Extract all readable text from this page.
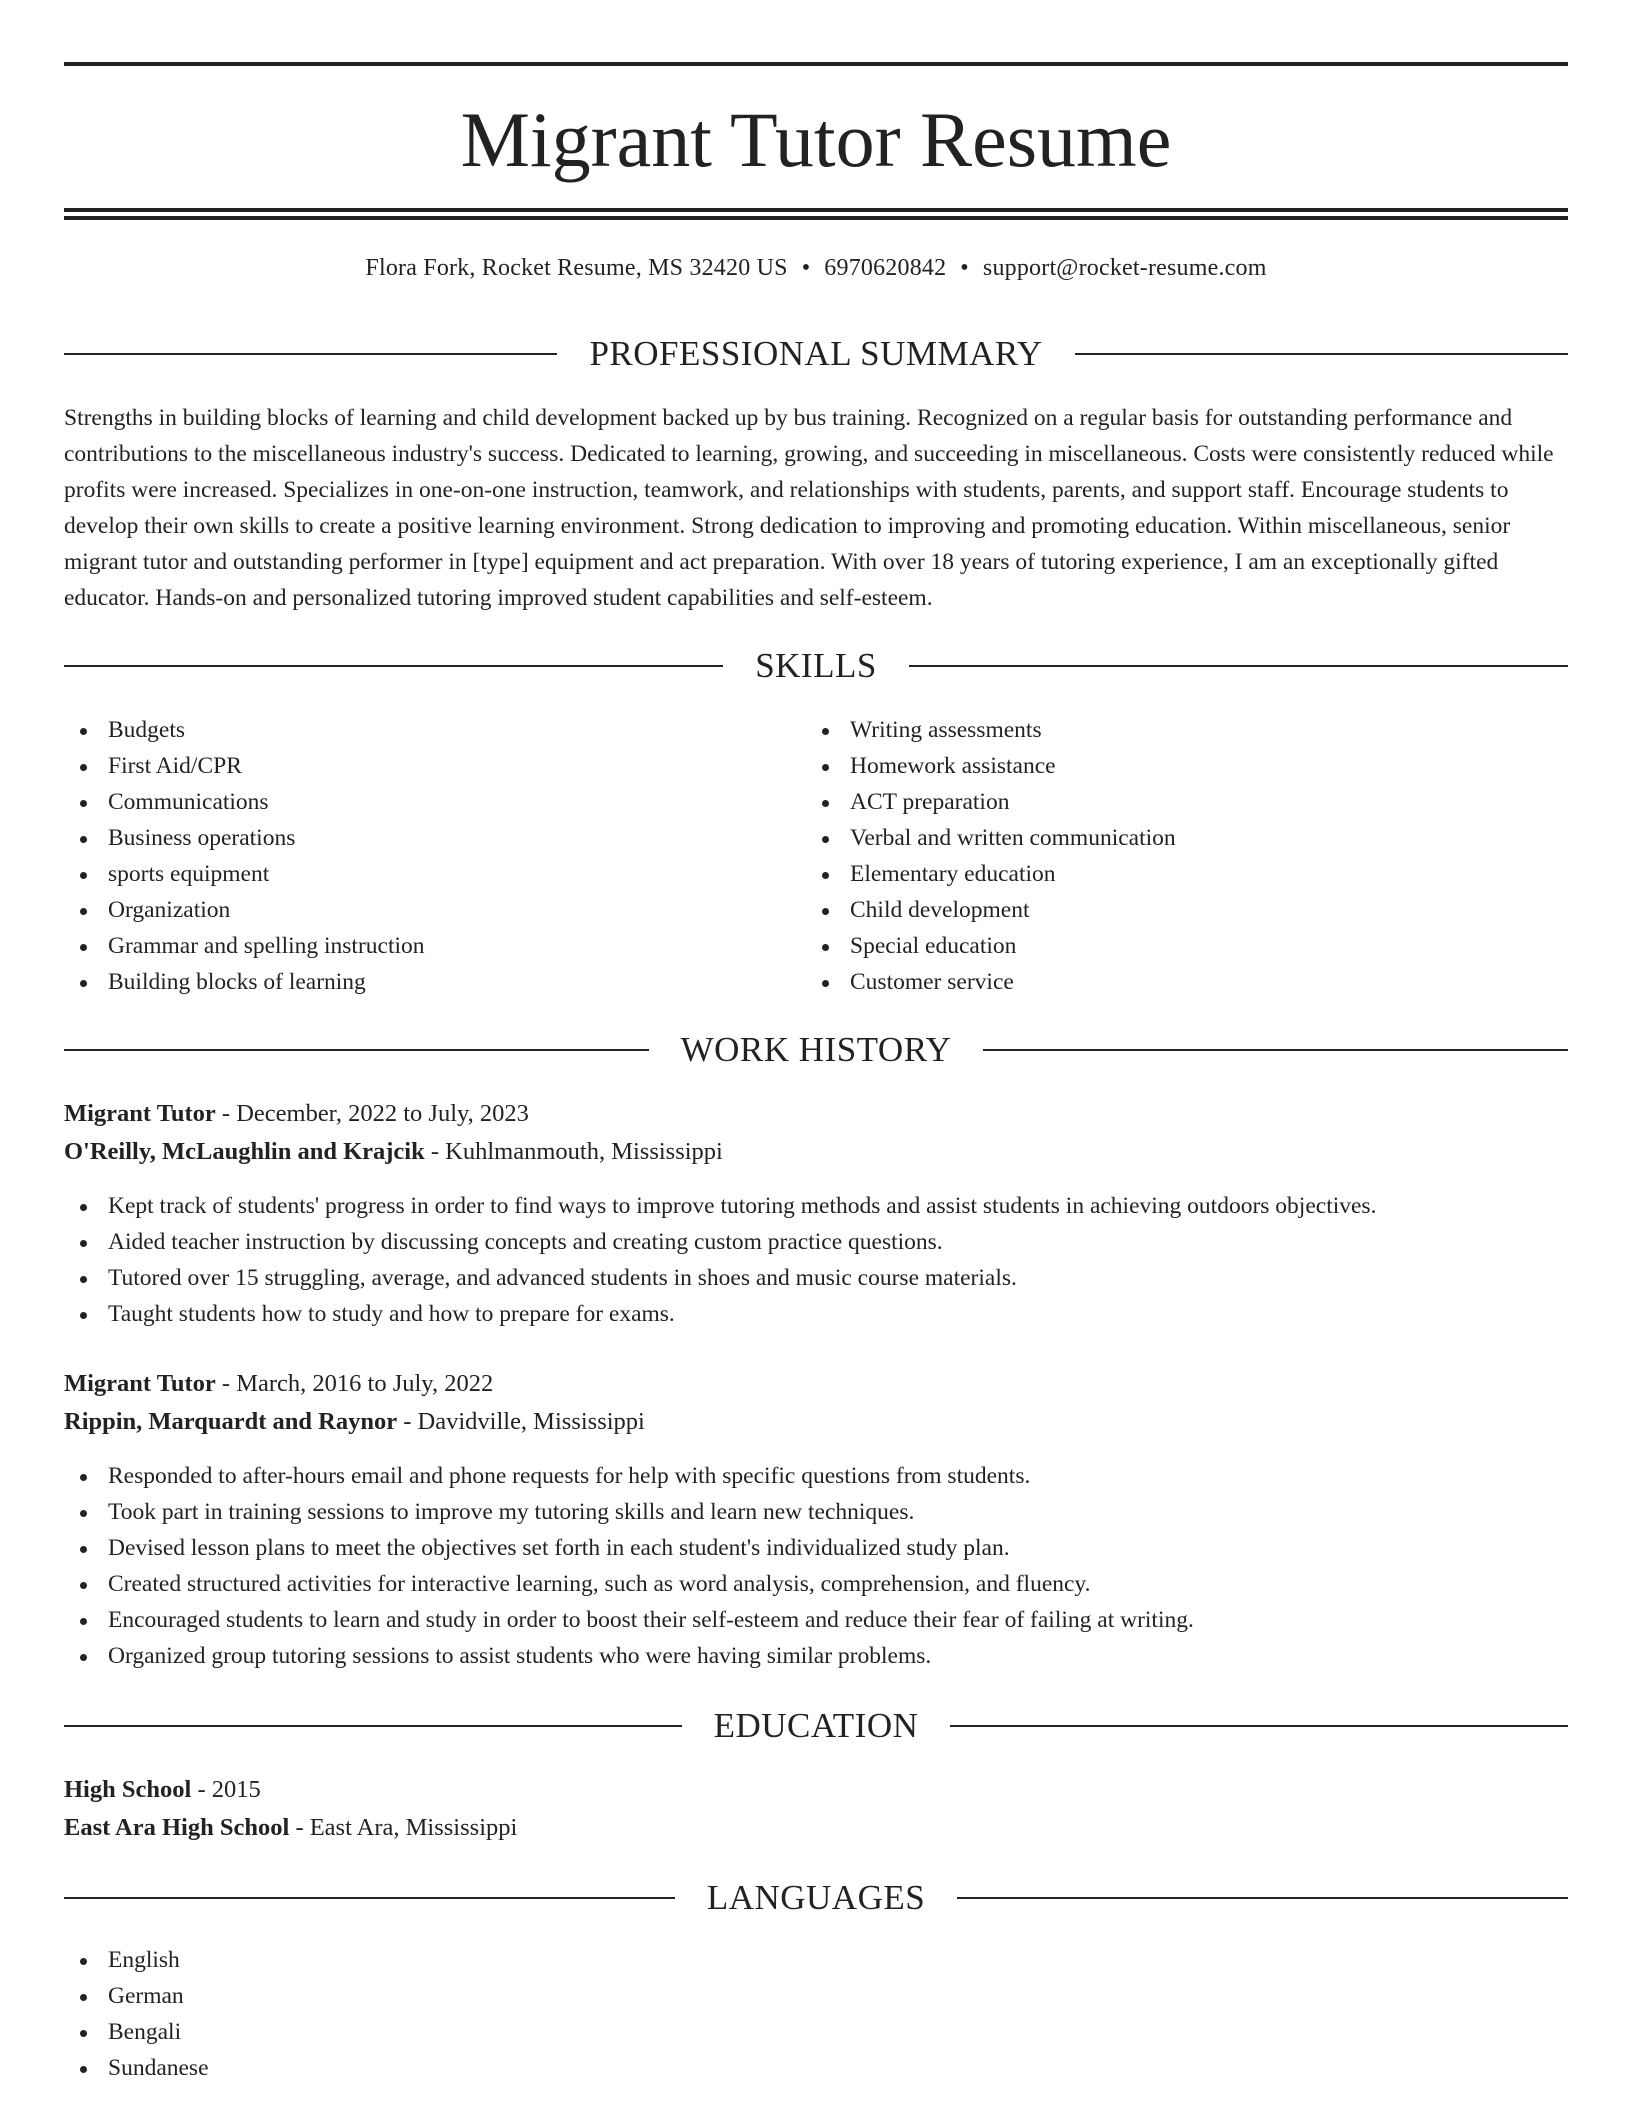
Migrant Tutor Resume
Flora Fork, Rocket Resume, MS 32420 US • 6970620842 • support@rocket-resume.com
PROFESSIONAL SUMMARY

Strengths in building blocks of learning and child development backed up by bus training. Recognized on a regular basis for outstanding performance and contributions to the miscellaneous industry's success. Dedicated to learning, growing, and succeeding in miscellaneous. Costs were consistently reduced while profits were increased. Specializes in one-on-one instruction, teamwork, and relationships with students, parents, and support staff. Encourage students to develop their own skills to create a positive learning environment. Strong dedication to improving and promoting education. Within miscellaneous, senior migrant tutor and outstanding performer in [type] equipment and act preparation. With over 18 years of tutoring experience, I am an exceptionally gifted educator. Hands-on and personalized tutoring improved student capabilities and self-esteem.

SKILLS
Budgets
First Aid/CPR
Communications
Business operations
sports equipment
Organization
Grammar and spelling instruction
Building blocks of learning
Writing assessments
Homework assistance
ACT preparation
Verbal and written communication
Elementary education
Child development
Special education
Customer service
WORK HISTORY
Migrant Tutor - December, 2022 to July, 2023
O'Reilly, McLaughlin and Krajcik - Kuhlmanmouth, Mississippi
Kept track of students' progress in order to find ways to improve tutoring methods and assist students in achieving outdoors objectives.
Aided teacher instruction by discussing concepts and creating custom practice questions.
Tutored over 15 struggling, average, and advanced students in shoes and music course materials.
Taught students how to study and how to prepare for exams.
Migrant Tutor - March, 2016 to July, 2022
Rippin, Marquardt and Raynor - Davidville, Mississippi
Responded to after-hours email and phone requests for help with specific questions from students.
Took part in training sessions to improve my tutoring skills and learn new techniques.
Devised lesson plans to meet the objectives set forth in each student's individualized study plan.
Created structured activities for interactive learning, such as word analysis, comprehension, and fluency.
Encouraged students to learn and study in order to boost their self-esteem and reduce their fear of failing at writing.
Organized group tutoring sessions to assist students who were having similar problems.
EDUCATION
High School - 2015
East Ara High School - East Ara, Mississippi
LANGUAGES
English
German
Bengali
Sundanese
